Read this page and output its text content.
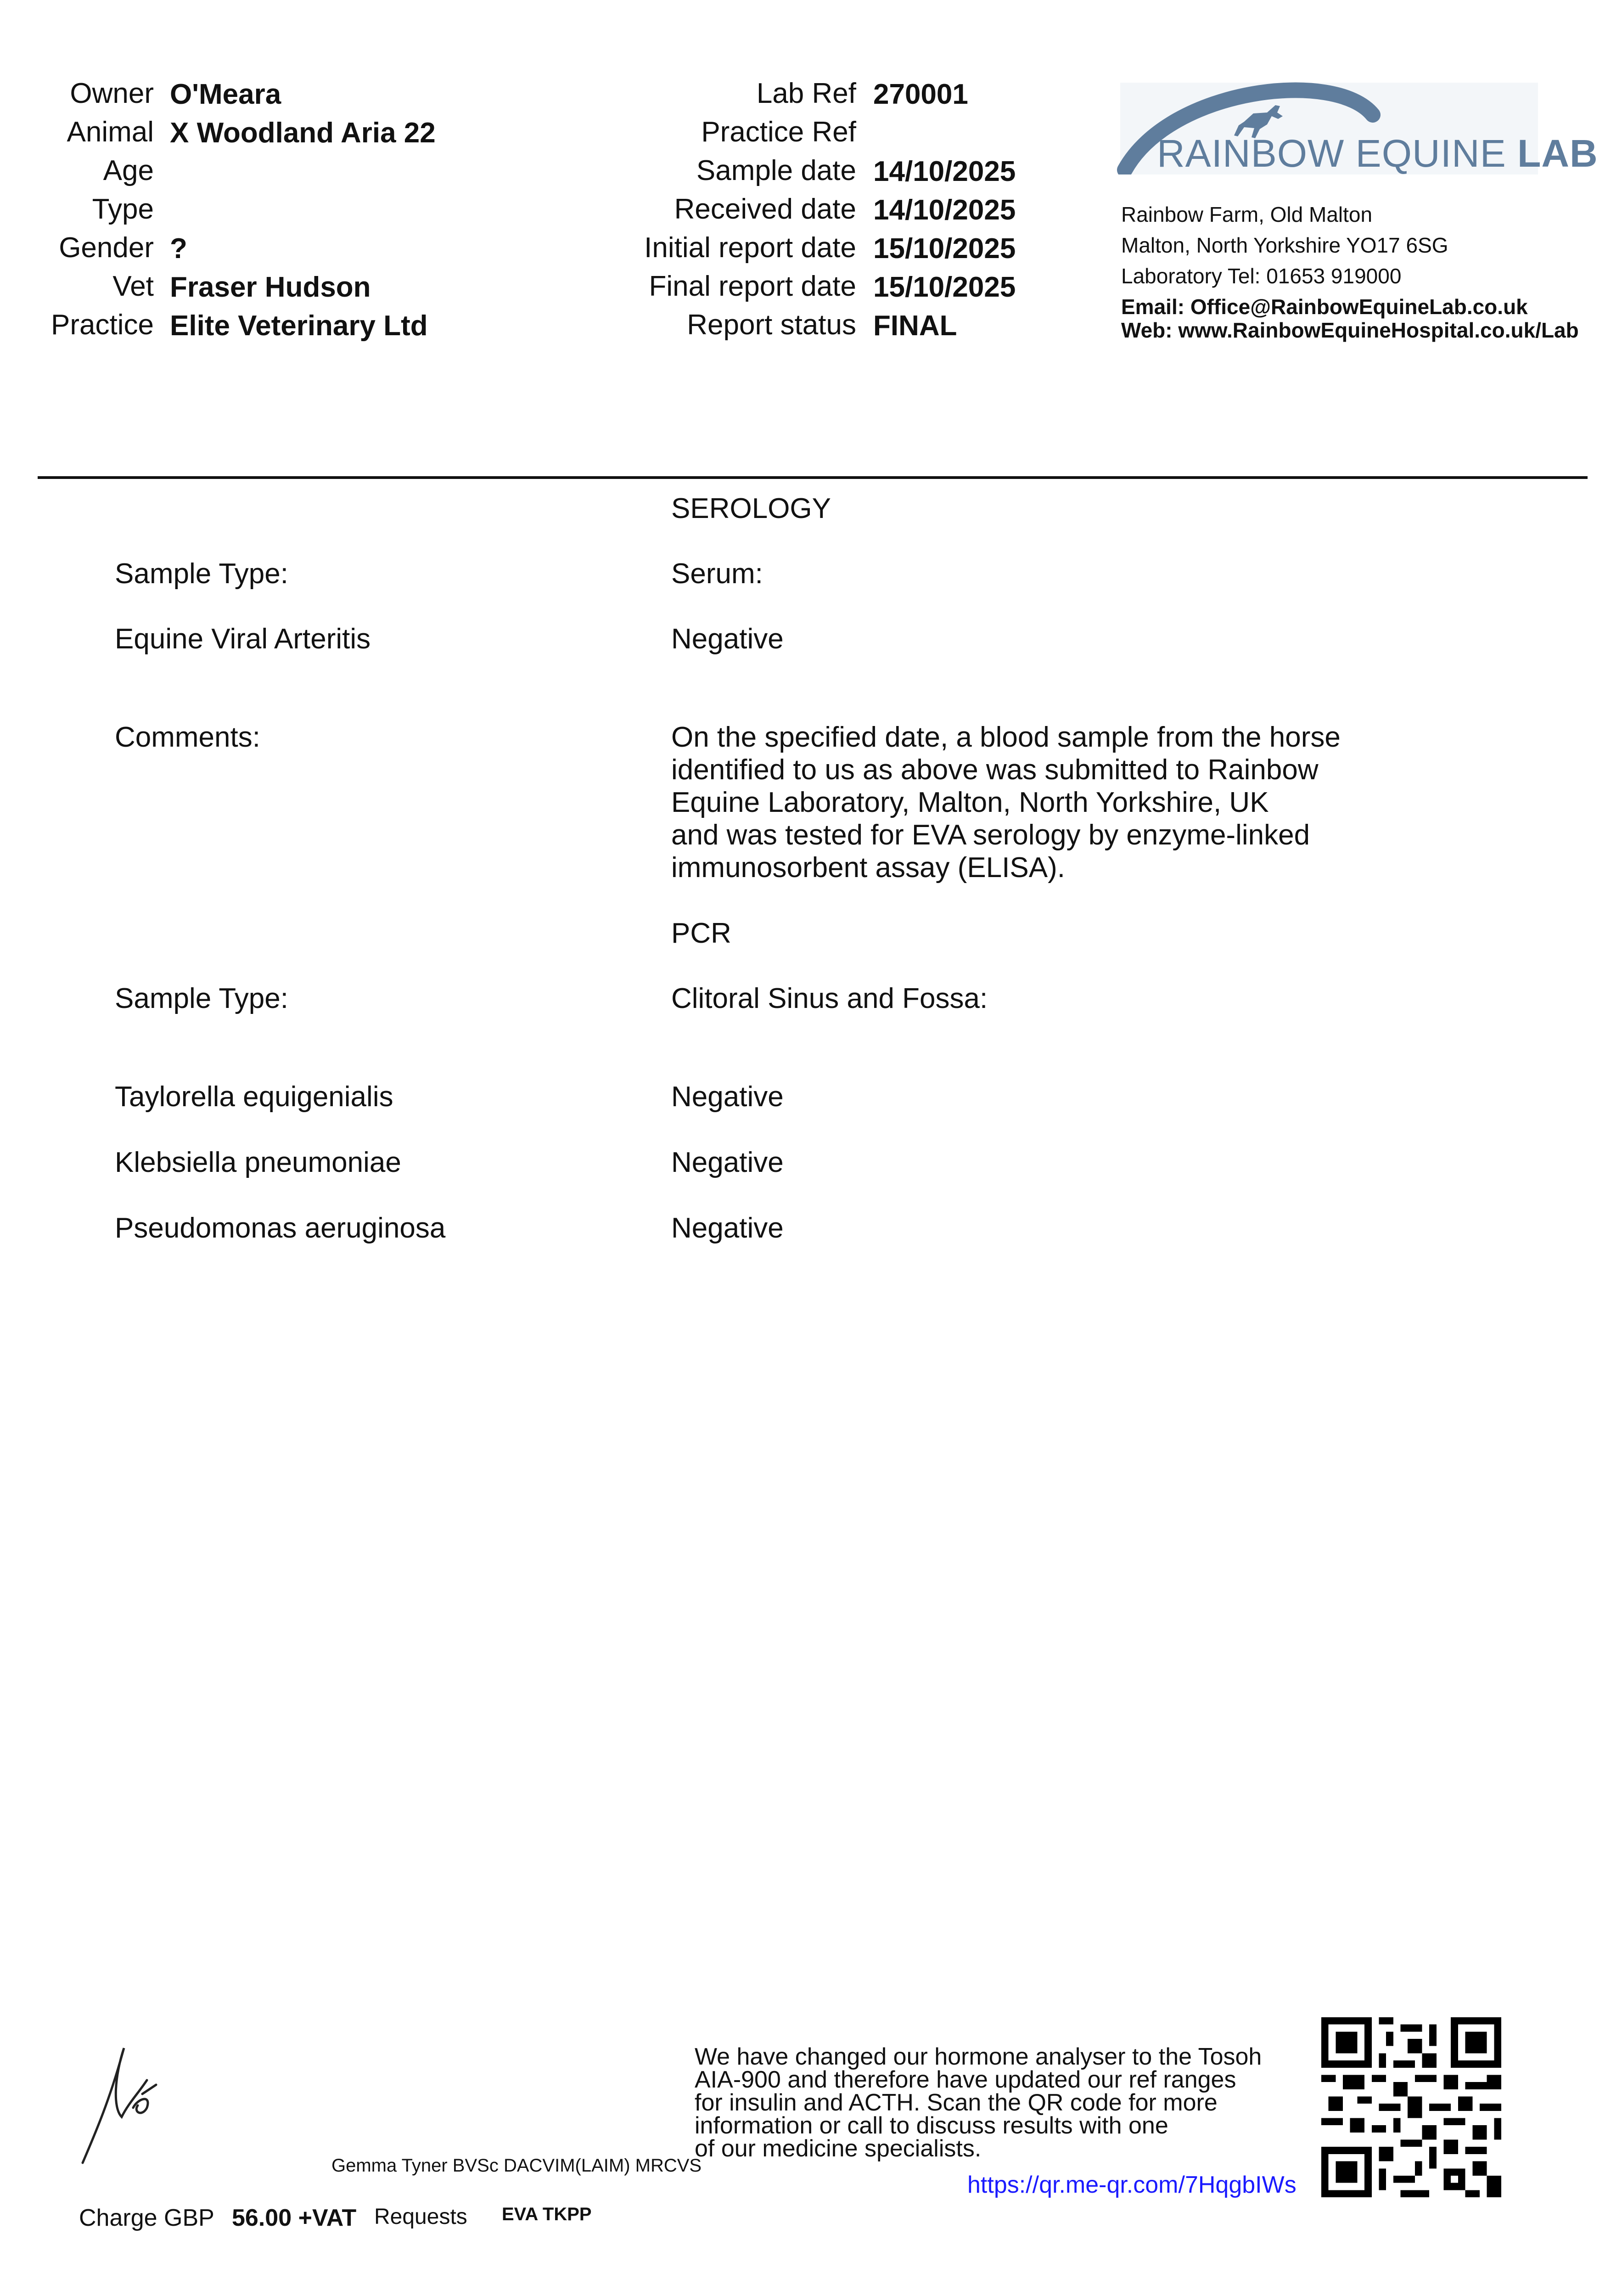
Owner O'Meara
Animal X Woodland Aria 22
Age
Type
Gender ?
Vet Fraser Hudson
Practice Elite Veterinary Ltd
Lab Ref 270001
Practice Ref
Sample date 14/10/2025
Received date 14/10/2025
Initial report date 15/10/2025
Final report date 15/10/2025
Report status FINAL
RAINBOW EQUINE LAB
Rainbow Farm, Old Malton
Malton, North Yorkshire YO17 6SG
Laboratory Tel: 01653 919000
Email: Office@RainbowEquineLab.co.uk
Web: www.RainbowEquineHospital.co.uk/Lab
SEROLOGY
Sample Type:	Serum:
Equine Viral Arteritis	Negative
Comments:	On the specified date, a blood sample from the horse
identified to us as above was submitted to Rainbow
Equine Laboratory, Malton, North Yorkshire, UK
and was tested for EVA serology by enzyme-linked
immunosorbent assay (ELISA).
PCR
Sample Type:	Clitoral Sinus and Fossa:
Taylorella equigenialis	Negative
Klebsiella pneumoniae	Negative
Pseudomonas aeruginosa	Negative
Gemma Tyner BVSc DACVIM(LAIM) MRCVS
We have changed our hormone analyser to the Tosoh
AIA-900 and therefore have updated our ref ranges
for insulin and ACTH. Scan the QR code for more
information or call to discuss results with one
of our medicine specialists.
https://qr.me-qr.com/7HqgbIWs
Charge GBP 56.00 +VAT Requests EVA TKPP
